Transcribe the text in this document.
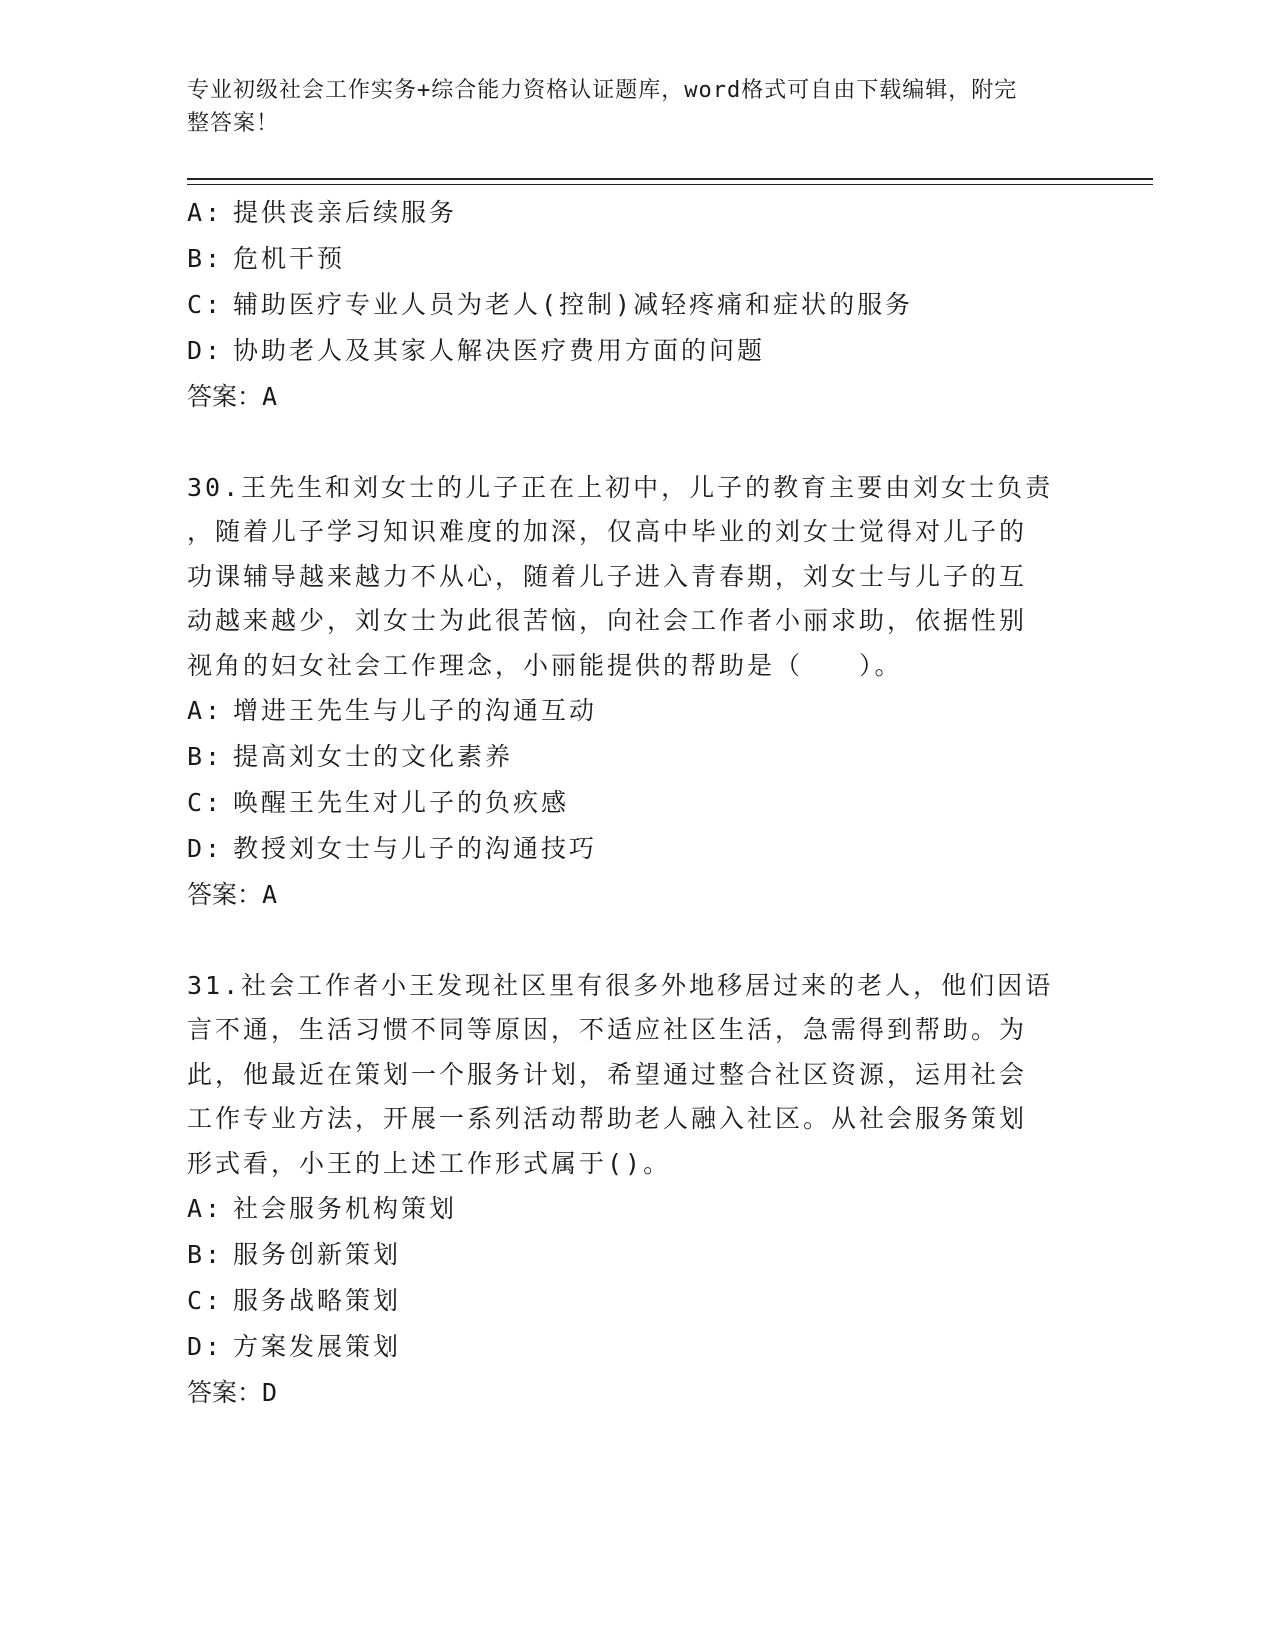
专业初级社会工作实务+综合能力资格认证题库，word格式可自由下载编辑，附完
整答案！

A: 提供丧亲后续服务

B: 危机干预

C: 辅助医疗专业人员为老人(控制)减轻疼痛和症状的服务

D: 协助老人及其家人解决医疗费用方面的问题

答案：A

30.王先生和刘女士的儿子正在上初中，儿子的教育主要由刘女士负责
，随着儿子学习知识难度的加深，仅高中毕业的刘女士觉得对儿子的
功课辅导越来越力不从心，随着儿子进入青春期，刘女士与儿子的互
动越来越少，刘女士为此很苦恼，向社会工作者小丽求助，依据性别
视角的妇女社会工作理念，小丽能提供的帮助是（　　）。

A: 增进王先生与儿子的沟通互动

B: 提高刘女士的文化素养

C: 唤醒王先生对儿子的负疚感

D: 教授刘女士与儿子的沟通技巧

答案：A

31.社会工作者小王发现社区里有很多外地移居过来的老人，他们因语
言不通，生活习惯不同等原因，不适应社区生活，急需得到帮助。为
此，他最近在策划一个服务计划，希望通过整合社区资源，运用社会
工作专业方法，开展一系列活动帮助老人融入社区。从社会服务策划
形式看，小王的上述工作形式属于()。

A: 社会服务机构策划

B: 服务创新策划

C: 服务战略策划

D: 方案发展策划

答案：D
